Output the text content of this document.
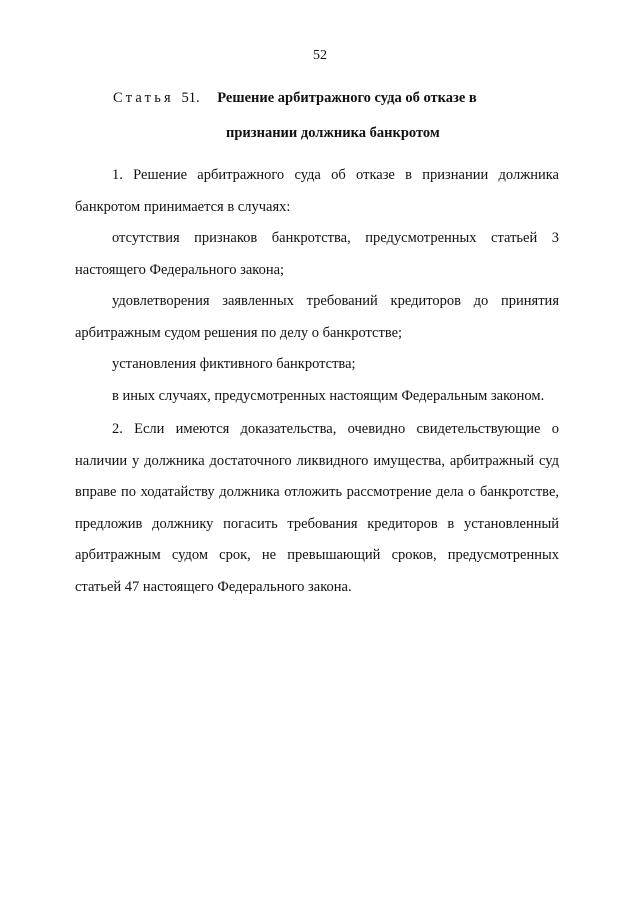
52
Статья 51. Решение арбитражного суда об отказе в
признании должника банкротом

1. Решение арбитражного суда об отказе в признании должника банкротом принимается в случаях:

отсутствия признаков банкротства, предусмотренных статьей 3 настоящего Федерального закона;

удовлетворения заявленных требований кредиторов до принятия арбитражным судом решения по делу о банкротстве;

установления фиктивного банкротства;

в иных случаях, предусмотренных настоящим Федеральным законом.

2. Если имеются доказательства, очевидно свидетельствующие о наличии у должника достаточного ликвидного имущества, арбитражный суд вправе по ходатайству должника отложить рассмотрение дела о банкротстве, предложив должнику погасить требования кредиторов в установленный арбитражным судом срок, не превышающий сроков, предусмотренных статьей 47 настоящего Федерального закона.
